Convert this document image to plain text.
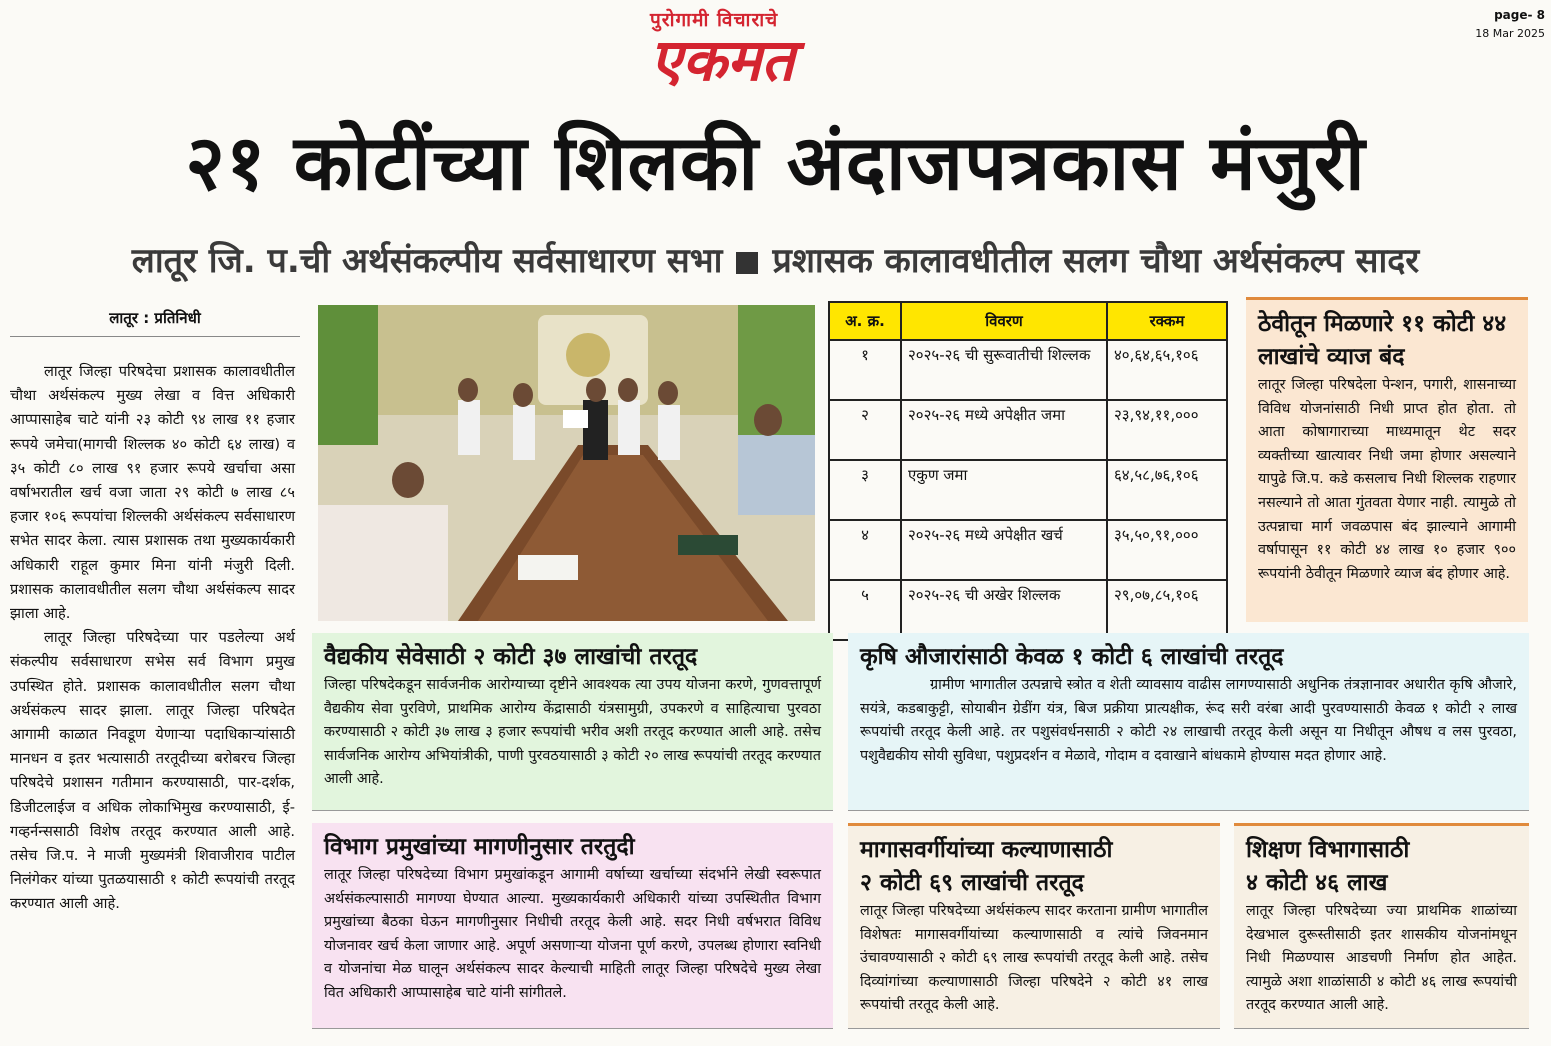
पुरोगामी विचाराचे
एकमत
page- 8
18 Mar 2025
२१ कोटींच्या शिलकी अंदाजपत्रकास मंजुरी
लातूर जि. प.ची अर्थसंकल्पीय सर्वसाधारण सभा प्रशासक कालावधीतील सलग चौथा अर्थसंकल्प सादर
लातूर : प्रतिनिधी
लातूर जिल्हा परिषदेचा प्रशासक कालावधीतील चौथा अर्थसंकल्प मुख्य लेखा व वित्त अधिकारी आप्पासाहेब चाटे यांनी २३ कोटी ९४ लाख ११ हजार रूपये जमेचा(मागची शिल्लक ४० कोटी ६४ लाख) व ३५ कोटी ८० लाख ९१ हजार रूपये खर्चाचा असा वर्षाभरातील खर्च वजा जाता २९ कोटी ७ लाख ८५ हजार १०६ रूपयांचा शिल्लकी अर्थसंकल्प सर्वसाधारण सभेत सादर केला. त्यास प्रशासक तथा मुख्यकार्यकारी अधिकारी राहूल कुमार मिना यांनी मंजुरी दिली. प्रशासक कालावधीतील सलग चौथा अर्थसंकल्प सादर झाला आहे.
लातूर जिल्हा परिषदेच्या पार पडलेल्या अर्थ संकल्पीय सर्वसाधारण सभेस सर्व विभाग प्रमुख उपस्थित होते. प्रशासक कालावधीतील सलग चौथा अर्थसंकल्प सादर झाला. लातूर जिल्हा परिषदेत आगामी काळात निवडूण येणाऱ्या पदाधिकाऱ्यांसाठी मानधन व इतर भत्यासाठी तरतूदीच्या बरोबरच जिल्हा परिषदेचे प्रशासन गतीमान करण्यासाठी, पार-दर्शक, डिजीटलाईज व अधिक लोकाभिमुख करण्यासाठी, ई-गव्हर्नन्ससाठी विशेष तरतूद करण्यात आली आहे. तसेच जि.प. ने माजी मुख्यमंत्री शिवाजीराव पाटील निलंगेकर यांच्या पुतळयासाठी १ कोटी रूपयांची तरतूद करण्यात आली आहे.
अ. क्र.	विवरण	रक्कम
१	२०२५-२६ ची सुरूवातीची शिल्लक	४०,६४,६५,१०६
२	२०२५-२६ मध्ये अपेक्षीत जमा	२३,९४,११,०००
३	एकुण जमा	६४,५८,७६,१०६
४	२०२५-२६ मध्ये अपेक्षीत खर्च	३५,५०,९१,०००
५	२०२५-२६ ची अखेर शिल्लक	२९,०७,८५,१०६
ठेवीतून मिळणारे ११ कोटी ४४ लाखांचे व्याज बंद
लातूर जिल्हा परिषदेला पेन्शन, पगारी, शासनाच्या विविध योजनांसाठी निधी प्राप्त होत होता. तो आता कोषागाराच्या माध्यमातून थेट सदर व्यक्तीच्या खात्यावर निधी जमा होणार असल्याने यापुढे जि.प. कडे कसलाच निधी शिल्लक राहणार नसल्याने तो आता गुंतवता येणार नाही. त्यामुळे तो उत्पन्नाचा मार्ग जवळपास बंद झाल्याने आगामी वर्षापासून ११ कोटी ४४ लाख १० हजार ९०० रूपयांनी ठेवीतून मिळणारे व्याज बंद होणार आहे.
वैद्यकीय सेवेसाठी २ कोटी ३७ लाखांची तरतूद
जिल्हा परिषदेकडून सार्वजनीक आरोग्याच्या दृष्टीने आवश्यक त्या उपय योजना करणे, गुणवत्तापूर्ण वैद्यकीय सेवा पुरविणे, प्राथमिक आरोग्य केंद्रासाठी यंत्रसामुग्री, उपकरणे व साहित्याचा पुरवठा करण्यासाठी २ कोटी ३७ लाख ३ हजार रूपयांची भरीव अशी तरतूद करण्यात आली आहे. तसेच सार्वजनिक आरोग्य अभियांत्रीकी, पाणी पुरवठयासाठी ३ कोटी २० लाख रूपयांची तरतूद करण्यात आली आहे.
कृषि औजारांसाठी केवळ १ कोटी ६ लाखांची तरतूद
ग्रामीण भागातील उत्पन्नाचे स्त्रोत व शेती व्यावसाय वाढीस लागण्यासाठी अधुनिक तंत्रज्ञानावर अधारीत कृषि औजारे, सयंत्रे, कडबाकुट्टी, सोयाबीन ग्रेडींग यंत्र, बिज प्रक्रीया प्रात्यक्षीक, रूंद सरी वरंबा आदी पुरवण्यासाठी केवळ १ कोटी २ लाख रूपयांची तरतूद केली आहे. तर पशुसंवर्धनसाठी २ कोटी २४ लाखाची तरतूद केली असून या निधीतून औषध व लस पुरवठा, पशुवैद्यकीय सोयी सुविधा, पशुप्रदर्शन व मेळावे, गोदाम व दवाखाने बांधकामे होण्यास मदत होणार आहे.
विभाग प्रमुखांच्या मागणीनुसार तरतुदी
लातूर जिल्हा परिषदेच्या विभाग प्रमुखांकडून आगामी वर्षाच्या खर्चाच्या संदर्भाने लेखी स्वरूपात अर्थसंकल्पासाठी मागण्या घेण्यात आल्या. मुख्यकार्यकारी अधिकारी यांच्या उपस्थितीत विभाग प्रमुखांच्या बैठका घेऊन मागणीनुसार निधीची तरतूद केली आहे. सदर निधी वर्षभरात विविध योजनावर खर्च केला जाणार आहे. अपूर्ण असणाऱ्या योजना पूर्ण करणे, उपलब्ध होणारा स्वनिधी व योजनांचा मेळ घालून अर्थसंकल्प सादर केल्याची माहिती लातूर जिल्हा परिषदेचे मुख्य लेखा वित अधिकारी आप्पासाहेब चाटे यांनी सांगीतले.
मागासवर्गीयांच्या कल्याणासाठी
२ कोटी ६९ लाखांची तरतूद
लातूर जिल्हा परिषदेच्या अर्थसंकल्प सादर करताना ग्रामीण भागातील विशेषतः मागासवर्गीयांच्या कल्याणासाठी व त्यांचे जिवनमान उंचावण्यासाठी २ कोटी ६९ लाख रूपयांची तरतूद केली आहे. तसेच दिव्यांगांच्या कल्याणासाठी जिल्हा परिषदेने २ कोटी ४१ लाख रूपयांची तरतूद केली आहे.
शिक्षण विभागासाठी
४ कोटी ४६ लाख
लातूर जिल्हा परिषदेच्या ज्या प्राथमिक शाळांच्या देखभाल दुरूस्तीसाठी इतर शासकीय योजनांमधून निधी मिळण्यास आडचणी निर्माण होत आहेत. त्यामुळे अशा शाळांसाठी ४ कोटी ४६ लाख रूपयांची तरतूद करण्यात आली आहे.
